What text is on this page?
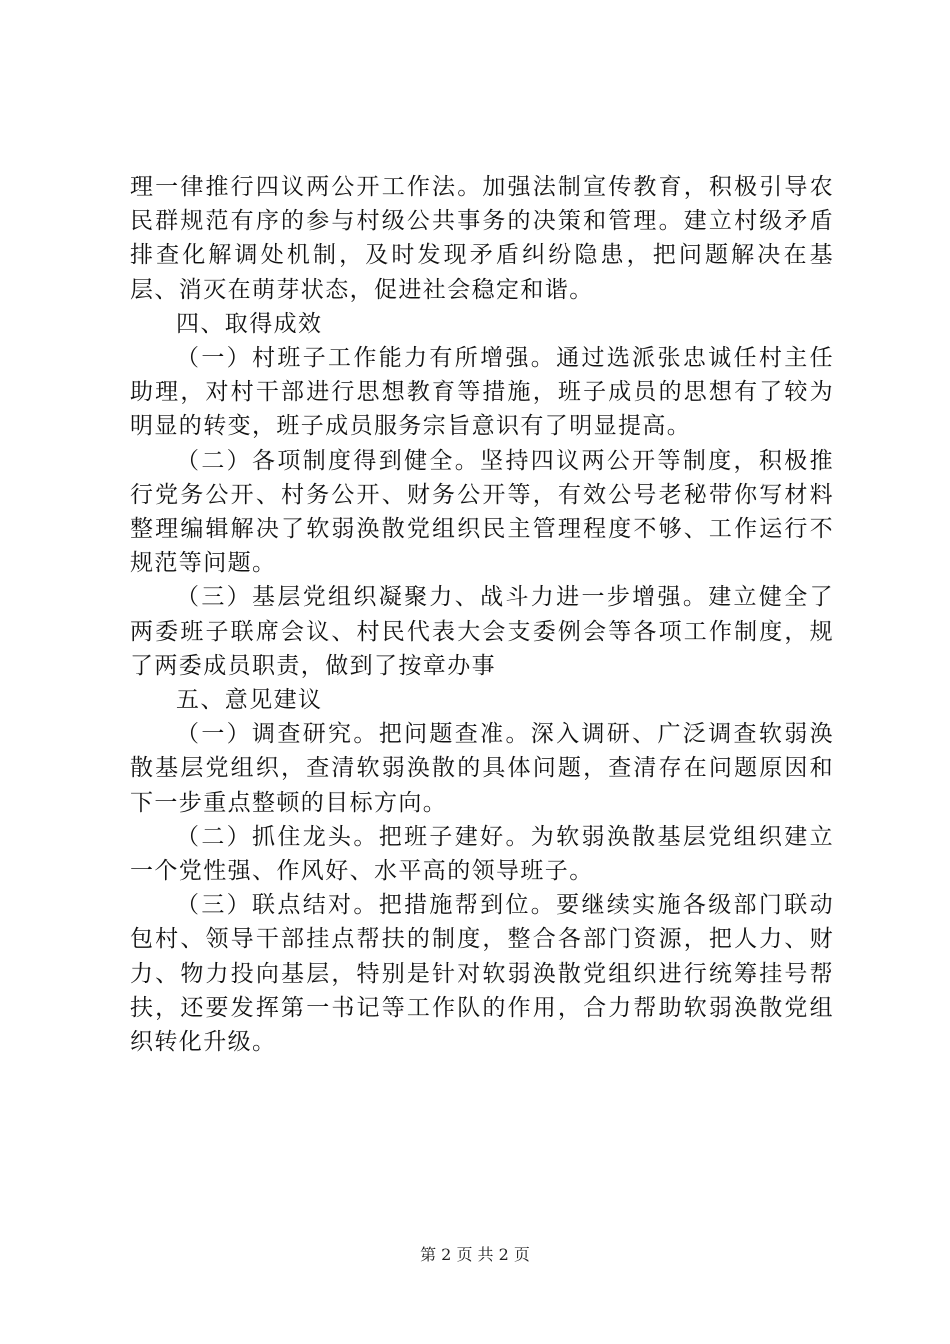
理一律推行四议两公开工作法。加强法制宣传教育，积极引导农民群规范有序的参与村级公共事务的决策和管理。建立村级矛盾排查化解调处机制，及时发现矛盾纠纷隐患，把问题解决在基层、消灭在萌芽状态，促进社会稳定和谐。

四、取得成效

（一）村班子工作能力有所增强。通过选派张忠诚任村主任助理，对村干部进行思想教育等措施，班子成员的思想有了较为明显的转变，班子成员服务宗旨意识有了明显提高。

（二）各项制度得到健全。坚持四议两公开等制度，积极推行党务公开、村务公开、财务公开等，有效公号老秘带你写材料整理编辑解决了软弱涣散党组织民主管理程度不够、工作运行不规范等问题。

（三）基层党组织凝聚力、战斗力进一步增强。建立健全了两委班子联席会议、村民代表大会支委例会等各项工作制度，规了两委成员职责，做到了按章办事

五、意见建议

（一）调查研究。把问题查准。深入调研、广泛调查软弱涣散基层党组织，查清软弱涣散的具体问题，查清存在问题原因和下一步重点整顿的目标方向。

（二）抓住龙头。把班子建好。为软弱涣散基层党组织建立一个党性强、作风好、水平高的领导班子。

（三）联点结对。把措施帮到位。要继续实施各级部门联动包村、领导干部挂点帮扶的制度，整合各部门资源，把人力、财力、物力投向基层，特别是针对软弱涣散党组织进行统筹挂号帮扶，还要发挥第一书记等工作队的作用，合力帮助软弱涣散党组织转化升级。

第 2 页 共 2 页
